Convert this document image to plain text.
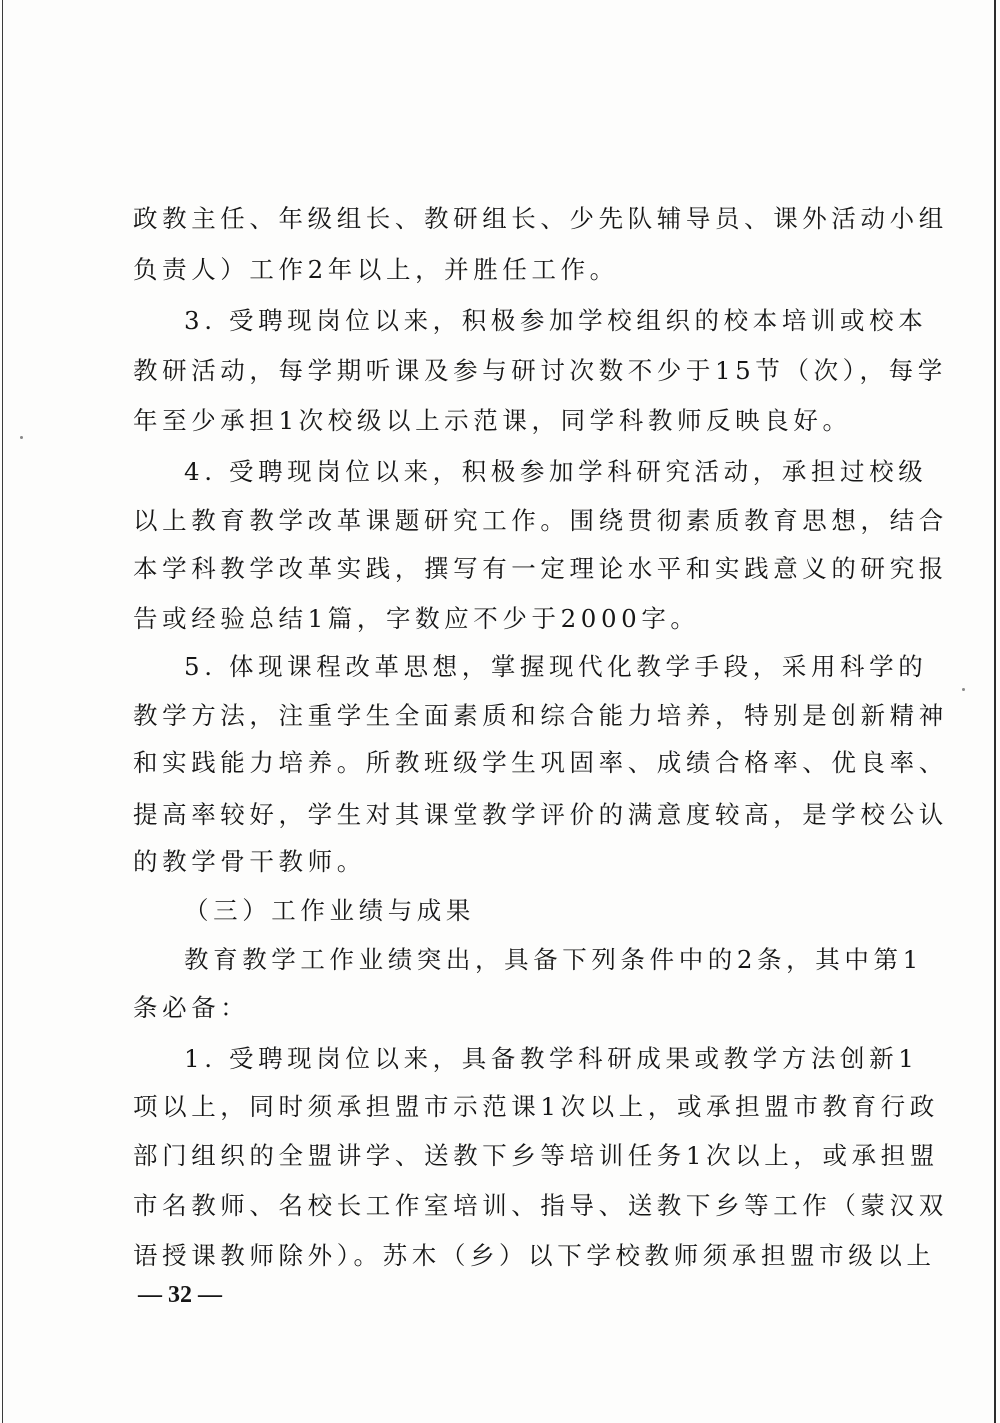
政教主任、年级组长、教研组长、少先队辅导员、课外活动小组
负责人）工作2年以上，并胜任工作。
3. 受聘现岗位以来，积极参加学校组织的校本培训或校本
教研活动，每学期听课及参与研讨次数不少于15节（次），每学
年至少承担1次校级以上示范课，同学科教师反映良好。
4. 受聘现岗位以来，积极参加学科研究活动，承担过校级
以上教育教学改革课题研究工作。围绕贯彻素质教育思想，结合
本学科教学改革实践，撰写有一定理论水平和实践意义的研究报
告或经验总结1篇，字数应不少于2000字。
5. 体现课程改革思想，掌握现代化教学手段，采用科学的
教学方法，注重学生全面素质和综合能力培养，特别是创新精神
和实践能力培养。所教班级学生巩固率、成绩合格率、优良率、
提高率较好，学生对其课堂教学评价的满意度较高，是学校公认
的教学骨干教师。
（三）工作业绩与成果
教育教学工作业绩突出，具备下列条件中的2条，其中第1
条必备：
1. 受聘现岗位以来，具备教学科研成果或教学方法创新1
项以上，同时须承担盟市示范课1次以上，或承担盟市教育行政
部门组织的全盟讲学、送教下乡等培训任务1次以上，或承担盟
市名教师、名校长工作室培训、指导、送教下乡等工作（蒙汉双
语授课教师除外）。苏木（乡）以下学校教师须承担盟市级以上
— 32 —
